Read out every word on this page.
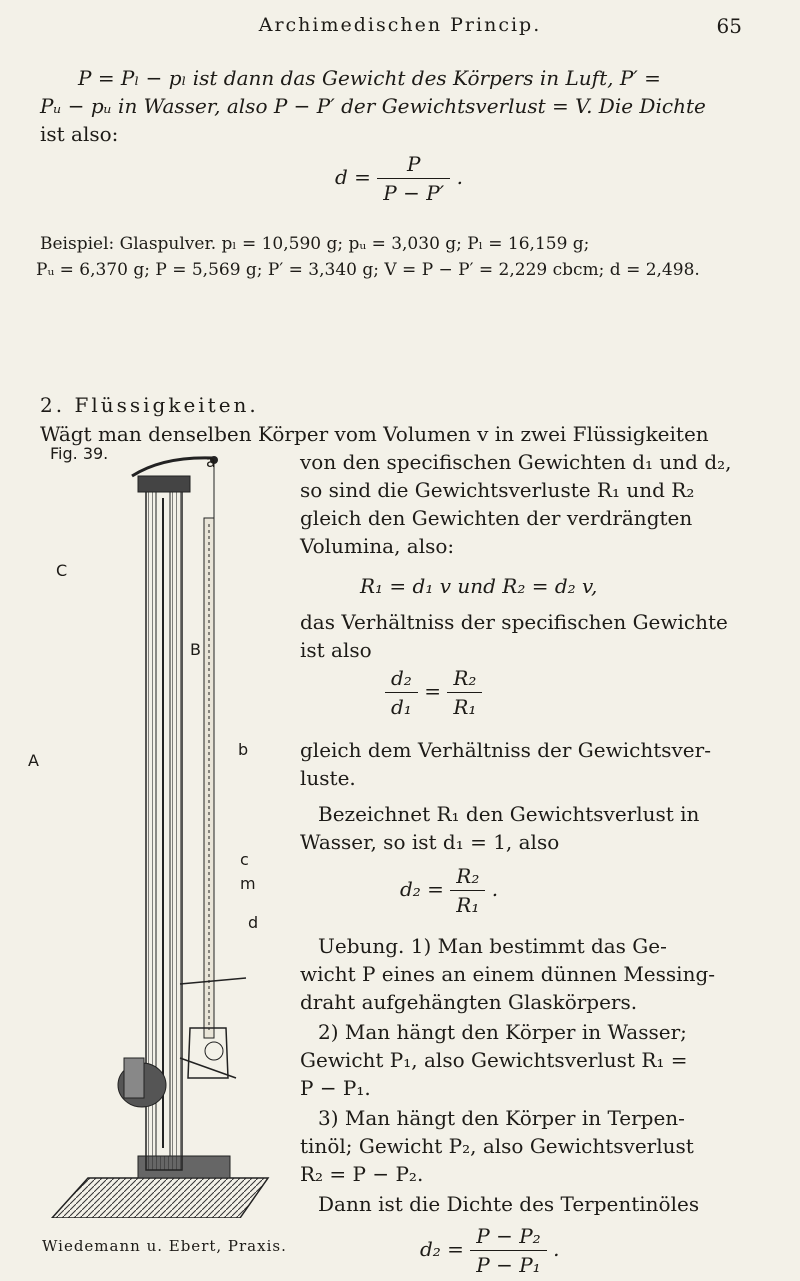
Archimedischen Princip.	65
P = Pₗ − pₗ ist dann das Gewicht des Körpers in Luft, P′ =
Pᵤ − pᵤ in Wasser, also P − P′ der Gewichtsverlust = V. Die Dichte
ist also:
$d = \frac{P}{P - P'}$ .
Beispiel: Glaspulver. pₗ = 10,590 g; pᵤ = 3,030 g; Pₗ = 16,159 g;
Pᵤ = 6,370 g; P = 5,569 g; P′ = 3,340 g; V = P − P′ = 2,229 cbcm; d = 2,498.
2. Flüssigkeiten.
Wägt man denselben Körper vom Volumen v in zwei Flüssigkeiten
Fig. 39.	a
C
A
b
c
m
d
B
von den specifischen Gewichten d₁ und d₂,
so sind die Gewichtsverluste R₁ und R₂
gleich den Gewichten der verdrängten
Volumina, also:
R₁ = d₁ v und R₂ = d₂ v,
das Verhältniss der specifischen Gewichte
ist also
$\frac{\text{d₂}}{\text{d₁}} = \frac{\text{R₂}}{\text{R₁}}$
gleich dem Verhältniss der Gewichtsver-
luste.
Bezeichnet R₁ den Gewichtsverlust in
Wasser, so ist d₁ = 1, also
$d_2 = \frac{\text{R₂}}{\text{R₁}}$ .
Uebung. 1) Man bestimmt das Ge-
wicht P eines an einem dünnen Messing-
draht aufgehängten Glaskörpers.
2) Man hängt den Körper in Wasser;
Gewicht P₁, also Gewichtsverlust R₁ =
P − P₁.
3) Man hängt den Körper in Terpen-
tinöl; Gewicht P₂, also Gewichtsverlust
R₂ = P − P₂.
Dann ist die Dichte des Terpentinöles
$d_2 = \frac{\text{P − P₂}}{\text{P − P₁}}$ .
Wiedemann u. Ebert, Praxis.
